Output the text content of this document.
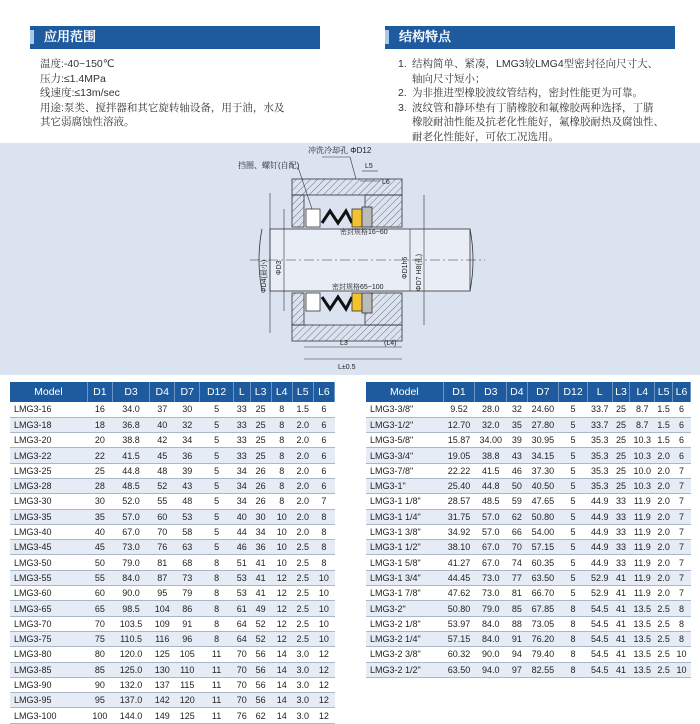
应用范围	结构特点
温度:-40~150℃
压力:≤1.4MPa
线速度:≤13m/sec
用途:泵类、搅拌器和其它旋转轴设备，用于油，水及
其它弱腐蚀性溶液。
1. 结构简单、紧凑，LMG3较LMG4型密封径向尺寸大、
轴向尺寸短小；
2. 为非推进型橡胶波纹管结构，密封性能更为可靠。
3. 波纹管和静环垫有丁腈橡胶和氟橡胶两种选择，丁腈
橡胶耐油性能及抗老化性能好，氟橡胶耐热及腐蚀性、
耐老化性能好，可依工况选用。
冲洗冷却孔 ΦD12
挡圈、螺钉(自配)
密封规格16~60
密封规格65~100
ΦD4(最小) ΦD3	ΦD1h6 ΦD7 H8(孔)
L3	(L4)
L±0.5
L5
L6
Model	D1	D3	D4	D7	D12	L	L3	L4	L5	L6
LMG3-16	16	34.0	37	30	5	33	25	8	1.5	6
LMG3-18	18	36.8	40	32	5	33	25	8	2.0	6
LMG3-20	20	38.8	42	34	5	33	25	8	2.0	6
LMG3-22	22	41.5	45	36	5	33	25	8	2.0	6
LMG3-25	25	44.8	48	39	5	34	26	8	2.0	6
LMG3-28	28	48.5	52	43	5	34	26	8	2.0	6
LMG3-30	30	52.0	55	48	5	34	26	8	2.0	7
LMG3-35	35	57.0	60	53	5	40	30	10	2.0	8
LMG3-40	40	67.0	70	58	5	44	34	10	2.0	8
LMG3-45	45	73.0	76	63	5	46	36	10	2.5	8
LMG3-50	50	79.0	81	68	8	51	41	10	2.5	8
LMG3-55	55	84.0	87	73	8	53	41	12	2.5	10
LMG3-60	60	90.0	95	79	8	53	41	12	2.5	10
LMG3-65	65	98.5	104	86	8	61	49	12	2.5	10
LMG3-70	70	103.5	109	91	8	64	52	12	2.5	10
LMG3-75	75	110.5	116	96	8	64	52	12	2.5	10
LMG3-80	80	120.0	125	105	11	70	56	14	3.0	12
LMG3-85	85	125.0	130	110	11	70	56	14	3.0	12
LMG3-90	90	132.0	137	115	11	70	56	14	3.0	12
LMG3-95	95	137.0	142	120	11	70	56	14	3.0	12
LMG3-100	100	144.0	149	125	11	76	62	14	3.0	12
Model	D1	D3	D4	D7	D12	L	L3	L4	L5	L6
LMG3-3/8"	9.52	28.0	32	24.60	5	33.7	25	8.7	1.5	6
LMG3-1/2"	12.70	32.0	35	27.80	5	33.7	25	8.7	1.5	6
LMG3-5/8"	15.87	34.00	39	30.95	5	35.3	25	10.3	1.5	6
LMG3-3/4"	19.05	38.8	43	34.15	5	35.3	25	10.3	2.0	6
LMG3-7/8"	22.22	41.5	46	37.30	5	35.3	25	10.0	2.0	7
LMG3-1"	25.40	44.8	50	40.50	5	35.3	25	10.3	2.0	7
LMG3-1 1/8"	28.57	48.5	59	47.65	5	44.9	33	11.9	2.0	7
LMG3-1 1/4"	31.75	57.0	62	50.80	5	44.9	33	11.9	2.0	7
LMG3-1 3/8"	34.92	57.0	66	54.00	5	44.9	33	11.9	2.0	7
LMG3-1 1/2"	38.10	67.0	70	57.15	5	44.9	33	11.9	2.0	7
LMG3-1 5/8"	41.27	67.0	74	60.35	5	44.9	33	11.9	2.0	7
LMG3-1 3/4"	44.45	73.0	77	63.50	5	52.9	41	11.9	2.0	7
LMG3-1 7/8"	47.62	73.0	81	66.70	5	52.9	41	11.9	2.0	7
LMG3-2"	50.80	79.0	85	67.85	8	54.5	41	13.5	2.5	8
LMG3-2 1/8"	53.97	84.0	88	73.05	8	54.5	41	13.5	2.5	8
LMG3-2 1/4"	57.15	84.0	91	76.20	8	54.5	41	13.5	2.5	8
LMG3-2 3/8"	60.32	90.0	94	79.40	8	54.5	41	13.5	2.5	10
LMG3-2 1/2"	63.50	94.0	97	82.55	8	54.5	41	13.5	2.5	10
